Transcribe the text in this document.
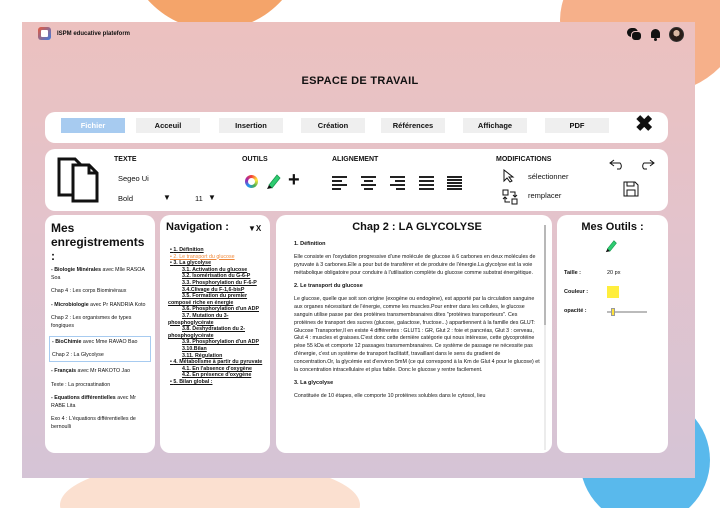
ISPM educative plateform
ESPACE DE TRAVAIL
Fichier	Acceuil	Insertion	Création	Références	Affichage	PDF	✖
TEXTE
Segeo Ui
Bold	▼	11 ▼
OUTILS
+
ALIGNEMENT	MODIFICATIONS
sélectionner
remplacer
Mes enregistrements :
- Biologie Minérales avec Mlle RASOA Soa
Chap 4 : Les corps Biominéraux
- Microbiologie avec Pr RANDRIA Koto
Chap 2 : Les organismes de types fongiques
- BioChimie avec Mme RAVAO Bao
Chap 2 : La Glycolyse
- Français avec Mr RAKOTO Jao
Texte : La procrastination
- Equations différentielles avec Mr RABE Lita
Exo 4 : L'équations différentielles de bernoulli
Navigation :	▼X
• 1. Définition
• 2. Le transport du glucose
• 3. La glycolyse
3.1. Activation du glucose
3.2. Isomérisation du G-6-P
3.3. Phosphorylation du F-6-P
3.4.Clivage du F-1,6-bisP
3.5. Formation du premier composé riche en énergie
3.6. Phosphorylation d'un ADP
3.7. Mutation du 3-phosphoglycérate
3.8. Deshydratation du 2-phosphoglycérate
3.9. Phosphorylation d'un ADP
3.10.Bilan
3.11. Régulation
• 4. Métabolisme à partir du pyruvate
4.1. En l'absence d'oxygène
4.2. En présence d'oxygène
• 5. Bilan global :
Chap 2 : LA GLYCOLYSE
1. Définition

Elle consiste en l'oxydation progressive d'une molécule de glucose à 6 carbones en deux molécules de pyruvate à 3 carbones.Elle a pour but de transférer et de produire de l'énergie.La glycolyse est la voie métabolique obligatoire pour conduire à l'utilisation complète du glucose comme substrat énergétique.

2. Le transport du glucose

Le glucose, quelle que soit son origine (exogène ou endogène), est apporté par la circulation sanguine aux organes nécessitant de l'énergie, comme les muscles.Pour entrer dans les cellules, le glucose sanguin utilise passe par des protéines transmembranaires dites "protéines transporteurs". Ces protéines de transport des sucres (glucose, galactose, fructose...) appartiennent à la famille des GLUT: Glucose Transporter,Il en existe 4 différentes : GLUT1 : GR, Glut 2 : foie et pancréas, Glut 3 : cerveau, Glut 4 : muscles et graisses.C'est donc cette dernière catégorie qui nous intéresse, cette glycoprotéine pèse 55 kDa et comporte 12 passages transmembranaires. Ce système de passage ne nécessite pas d'énergie, c'est un système de transport facilitatif, travaillant dans le sens du gradient de concentration.Or, la glycémie est d'environ 5mM (ce qui correspond à la Km de Glut 4 pour le glucose) et la concentration intracellulaire et plus faible. Donc le glucose y rentre facilement.

3. La glycolyse

Constituée de 10 étapes, elle comporte 10 protéines solubles dans le cytosol, lieu

Mes Outils :
Taille :	20 px
Couleur :
opacité :
